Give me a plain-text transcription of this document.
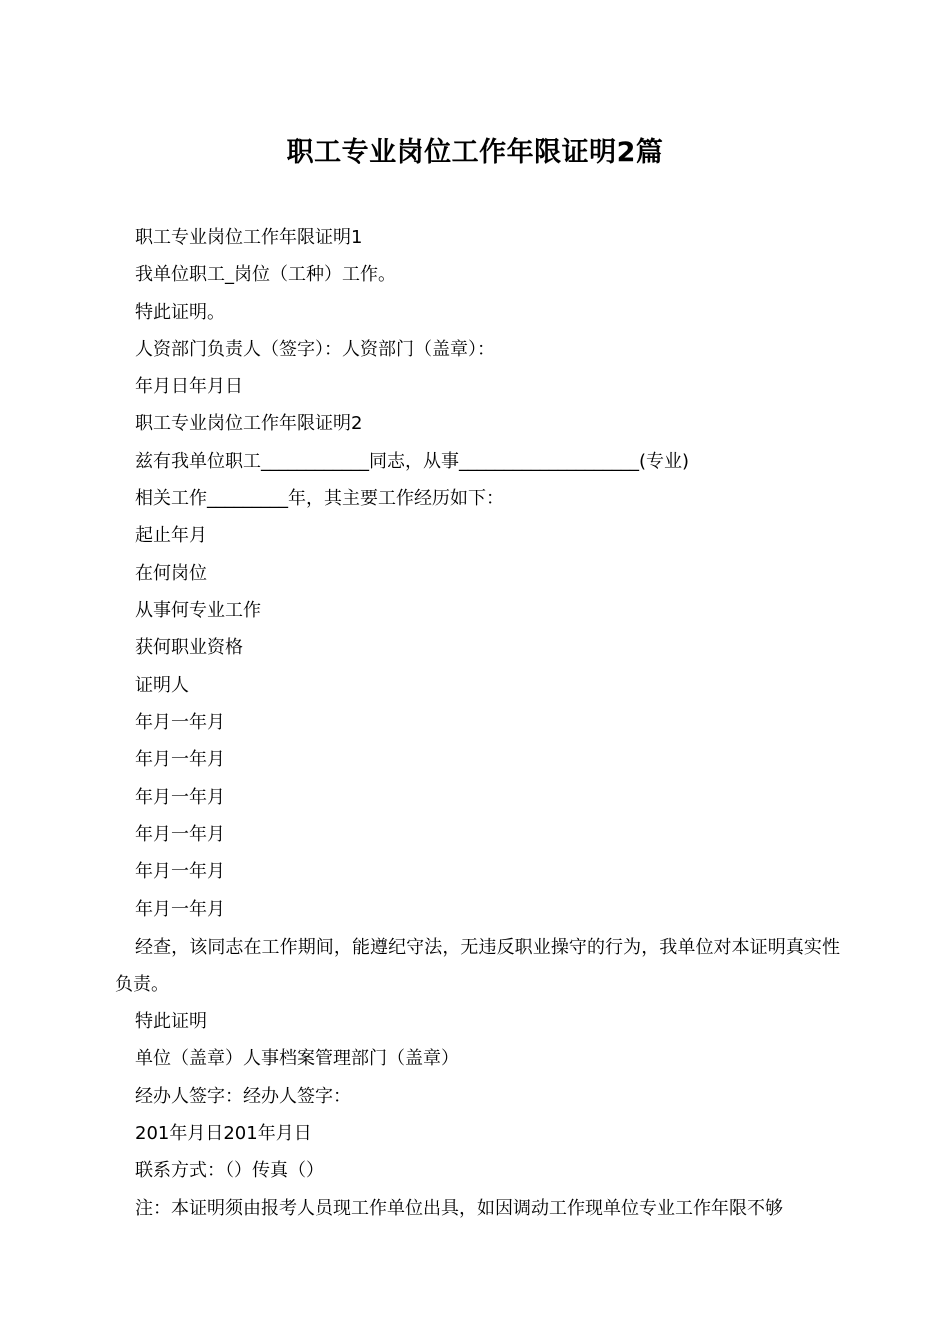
职工专业岗位工作年限证明2篇
职工专业岗位工作年限证明1
我单位职工_岗位（工种）工作。
特此证明。
人资部门负责人（签字）：人资部门（盖章）：
年月日年月日
职工专业岗位工作年限证明2
兹有我单位职工____________同志，从事____________________(专业)
相关工作_________年，其主要工作经历如下：
起止年月
在何岗位
从事何专业工作
获何职业资格
证明人
年月一年月
年月一年月
年月一年月
年月一年月
年月一年月
年月一年月
经查，该同志在工作期间，能遵纪守法，无违反职业操守的行为，我单位对本证明真实性负责。
特此证明
单位（盖章）人事档案管理部门（盖章）
经办人签字：经办人签字：
201年月日201年月日
联系方式：（）传真（）
注：本证明须由报考人员现工作单位出具，如因调动工作现单位专业工作年限不够
